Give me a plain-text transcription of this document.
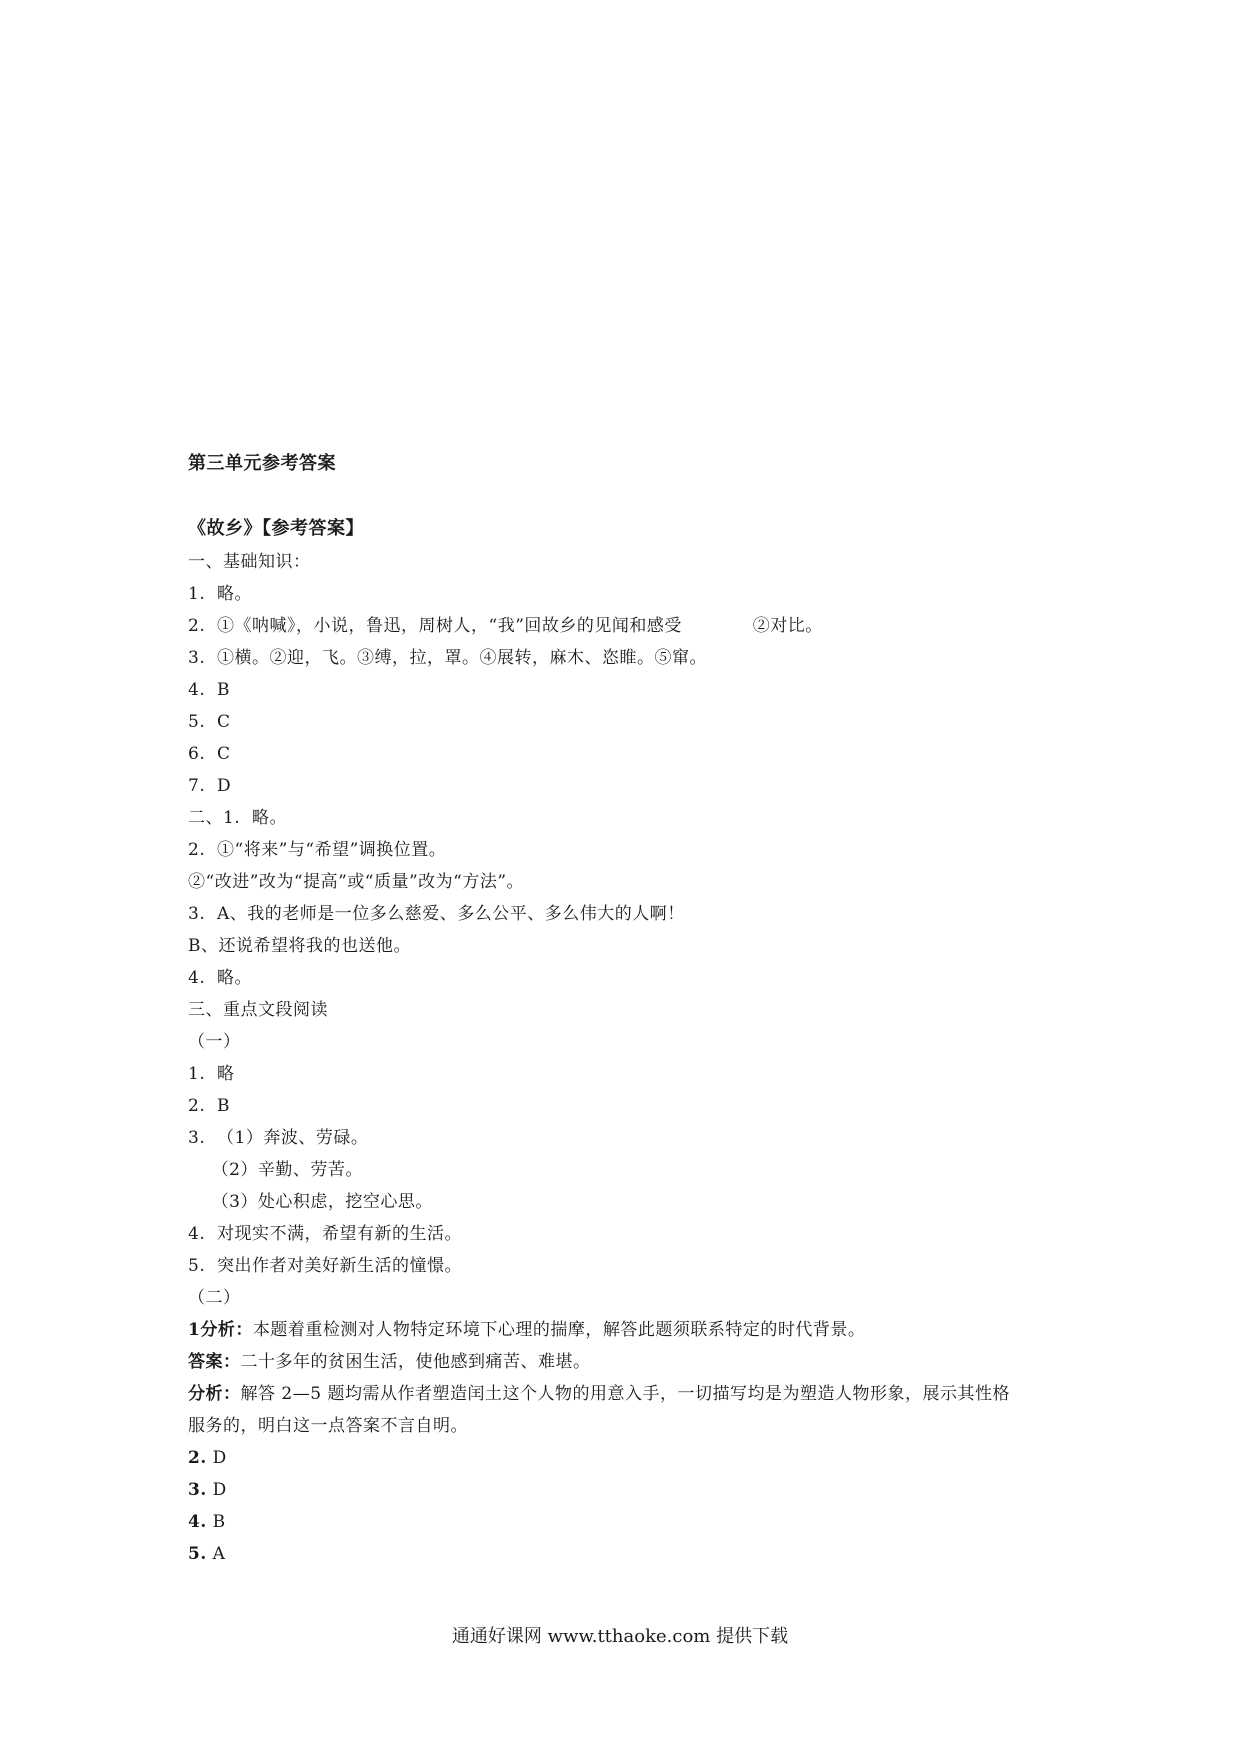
第三单元参考答案
《故乡》【参考答案】
一、基础知识：
1.  略。
2.  ①《呐喊》，小说，鲁迅，周树人，“我”回故乡的见闻和感受            ②对比。
3.  ①横。②迎，飞。③缚，拉，罩。④展转，麻木、恣睢。⑤窜。
4.  B
5.  C
6.  C
7.  D
二、1.  略。
2.  ①“将来”与“希望”调换位置。
②“改进”改为“提高”或“质量”改为“方法”。
3.  A、我的老师是一位多么慈爱、多么公平、多么伟大的人啊！
B、还说希望将我的也送他。
4.  略。
三、重点文段阅读
（一）
1.  略
2.  B
3.  （1）奔波、劳碌。
（2）辛勤、劳苦。
（3）处心积虑，挖空心思。
4.  对现实不满，希望有新的生活。
5.  突出作者对美好新生活的憧憬。
（二）
1分析：本题着重检测对人物特定环境下心理的揣摩，解答此题须联系特定的时代背景。
答案：二十多年的贫困生活，使他感到痛苦、难堪。
分析：解答 2—5 题均需从作者塑造闰土这个人物的用意入手，一切描写均是为塑造人物形象，展示其性格
服务的，明白这一点答案不言自明。
2. D
3. D
4. B
5. A
通通好课网 www.tthaoke.com 提供下载
